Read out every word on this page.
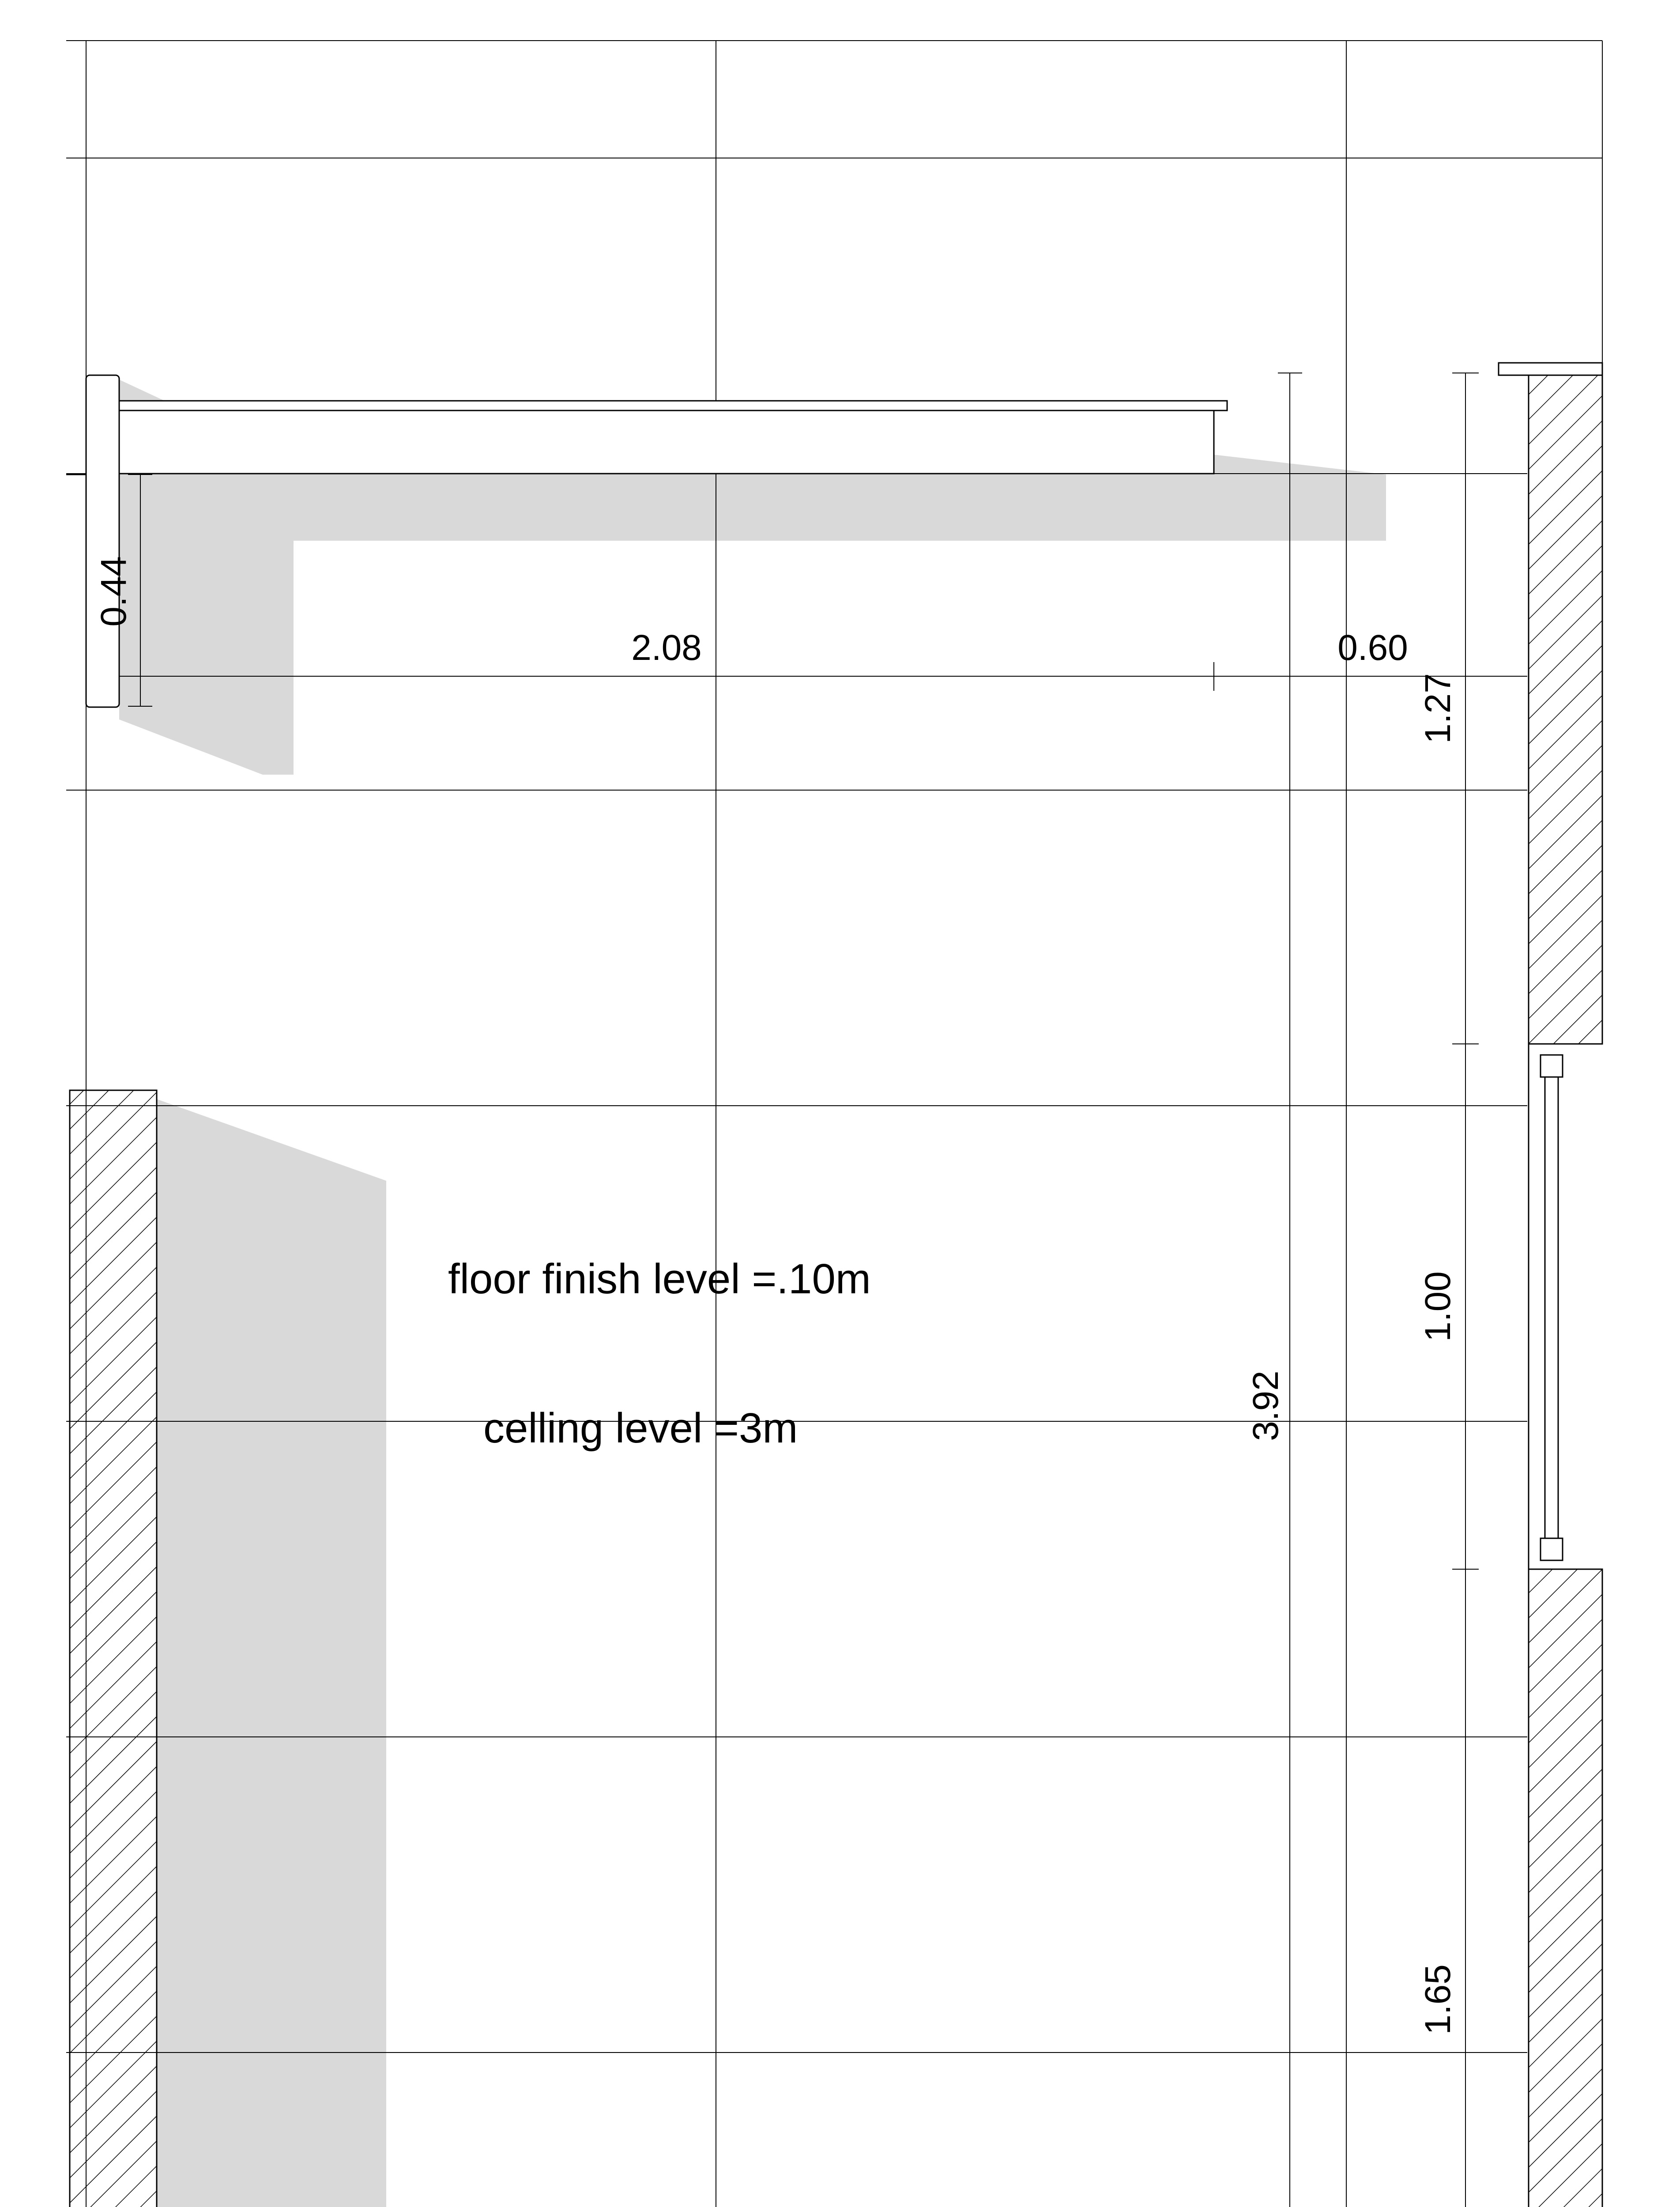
0.44
2.08	0.60
1.27
1.00
3.92
1.65
floor finish level =.10m
celling level =3m
